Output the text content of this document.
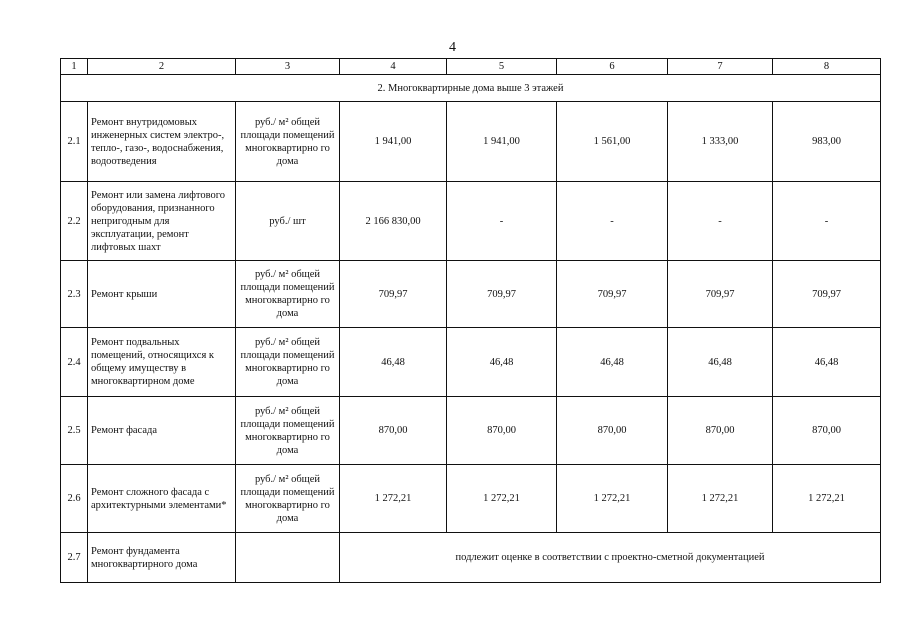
4
1	2	3	4	5	6	7	8
2. Многоквартирные дома выше 3 этажей							
2.1	Ремонт внутридомовых инженерных систем электро-, тепло-, газо-, водоснабжения, водоотведения	руб./ м² общей площади помещений многоквартирно го дома	1 941,00	1 941,00	1 561,00	1 333,00	983,00
2.2	Ремонт или замена лифтового оборудования, признанного непригодным для эксплуатации, ремонт лифтовых шахт	руб./ шт	2 166 830,00	-	-	-	-
2.3	Ремонт крыши	руб./ м² общей площади помещений многоквартирно го дома	709,97	709,97	709,97	709,97	709,97
2.4	Ремонт подвальных помещений, относящихся к общему имуществу в многоквартирном доме	руб./ м² общей площади помещений многоквартирно го дома	46,48	46,48	46,48	46,48	46,48
2.5	Ремонт фасада	руб./ м² общей площади помещений многоквартирно го дома	870,00	870,00	870,00	870,00	870,00
2.6	Ремонт сложного фасада с архитектурными элементами*	руб./ м² общей площади помещений многоквартирно го дома	1 272,21	1 272,21	1 272,21	1 272,21	1 272,21
2.7	Ремонт фундамента многоквартирного дома		подлежит оценке в соответствии с проектно-сметной документацией				
